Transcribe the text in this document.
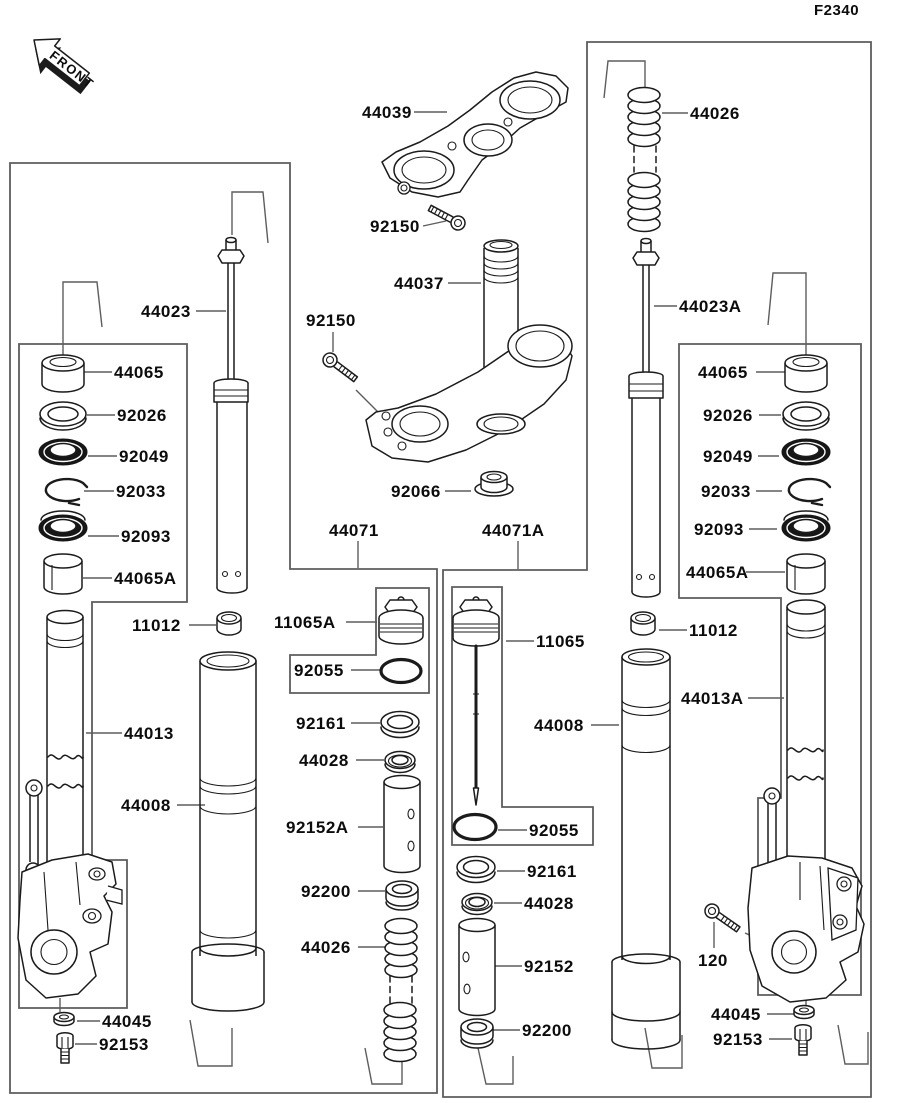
FRONT
F2340
44039
92150
44037
92150
92066
44071	44071A
44023
44065
92026
92049
92033
92093
44065A
11012
44013
44008
44045
92153
11065A
92055
92161
44028
92152A
92200
44026
11065
44008
92055
92161
44028
92152
92200
44026
44023A
44065
92026
92049
92033
92093
44065A
11012
44013A
120
44045
92153
